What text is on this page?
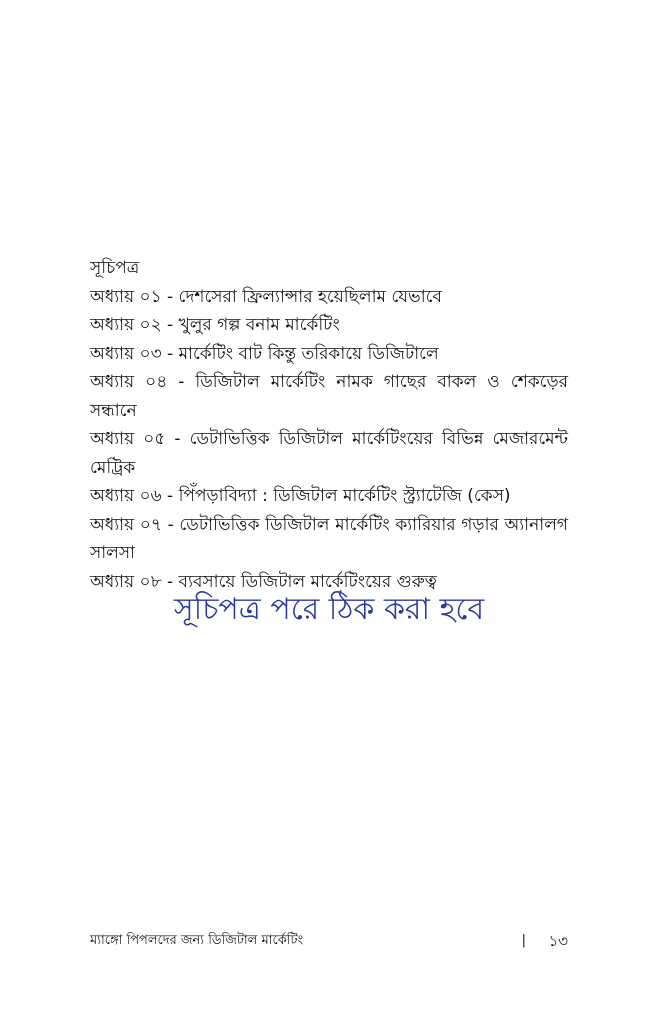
সূচিপত্র
অধ্যায় ০১ - দেশসেরা ফ্রিল্যান্সার হয়েছিলাম যেভাবে
অধ্যায় ০২ - খুলুর গল্প বনাম মার্কেটিং
অধ্যায় ০৩ - মার্কেটিং বাট কিন্তু তরিকায়ে ডিজিটালে
অধ্যায় ০৪ - ডিজিটাল মার্কেটিং নামক গাছের বাকল ও শেকড়ের সন্ধানে
অধ্যায় ০৫ - ডেটাভিত্তিক ডিজিটাল মার্কেটিংয়ের বিভিন্ন মেজারমেন্ট মেট্রিক
অধ্যায় ০৬ - পিঁপড়াবিদ্যা : ডিজিটাল মার্কেটিং স্ট্র্যাটেজি (কেস)
অধ্যায় ০৭ - ডেটাভিত্তিক ডিজিটাল মার্কেটিং ক্যারিয়ার গড়ার অ্যানালগ সালসা
অধ্যায় ০৮ - ব্যবসায়ে ডিজিটাল মার্কেটিংয়ের গুরুত্ব
সূচিপত্র পরে ঠিক করা হবে
ম্যাঙ্গো পিপলদের জন্য ডিজিটাল মার্কেটিং	| ১৩
